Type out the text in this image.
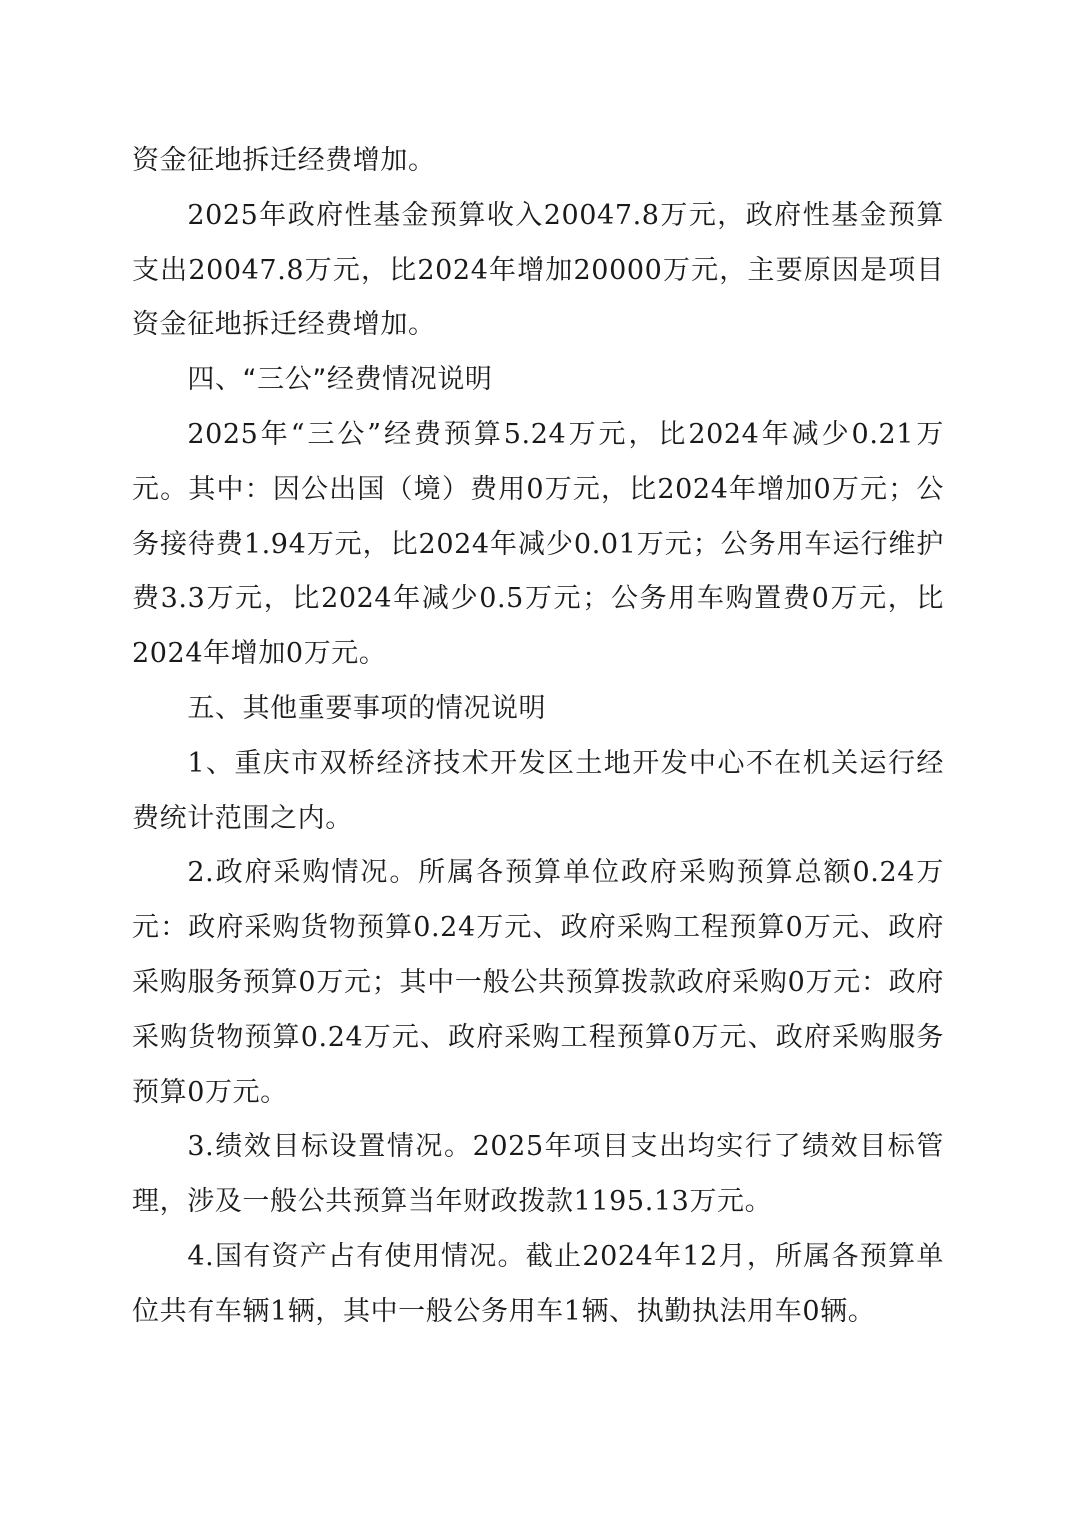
资金征地拆迁经费增加。

2025年政府性基金预算收入20047.8万元，政府性基金预算支出20047.8万元，比2024年增加20000万元，主要原因是项目资金征地拆迁经费增加。

四、“三公”经费情况说明

2025年“三公”经费预算5.24万元，比2024年减少0.21万元。其中：因公出国（境）费用0万元，比2024年增加0万元；公务接待费1.94万元，比2024年减少0.01万元；公务用车运行维护费3.3万元，比2024年减少0.5万元；公务用车购置费0万元，比2024年增加0万元。

五、其他重要事项的情况说明

1、重庆市双桥经济技术开发区土地开发中心不在机关运行经费统计范围之内。

2.政府采购情况。所属各预算单位政府采购预算总额0.24万元：政府采购货物预算0.24万元、政府采购工程预算0万元、政府采购服务预算0万元；其中一般公共预算拨款政府采购0万元：政府采购货物预算0.24万元、政府采购工程预算0万元、政府采购服务预算0万元。

3.绩效目标设置情况。2025年项目支出均实行了绩效目标管理，涉及一般公共预算当年财政拨款1195.13万元。

4.国有资产占有使用情况。截止2024年12月，所属各预算单位共有车辆1辆，其中一般公务用车1辆、执勤执法用车0辆。
